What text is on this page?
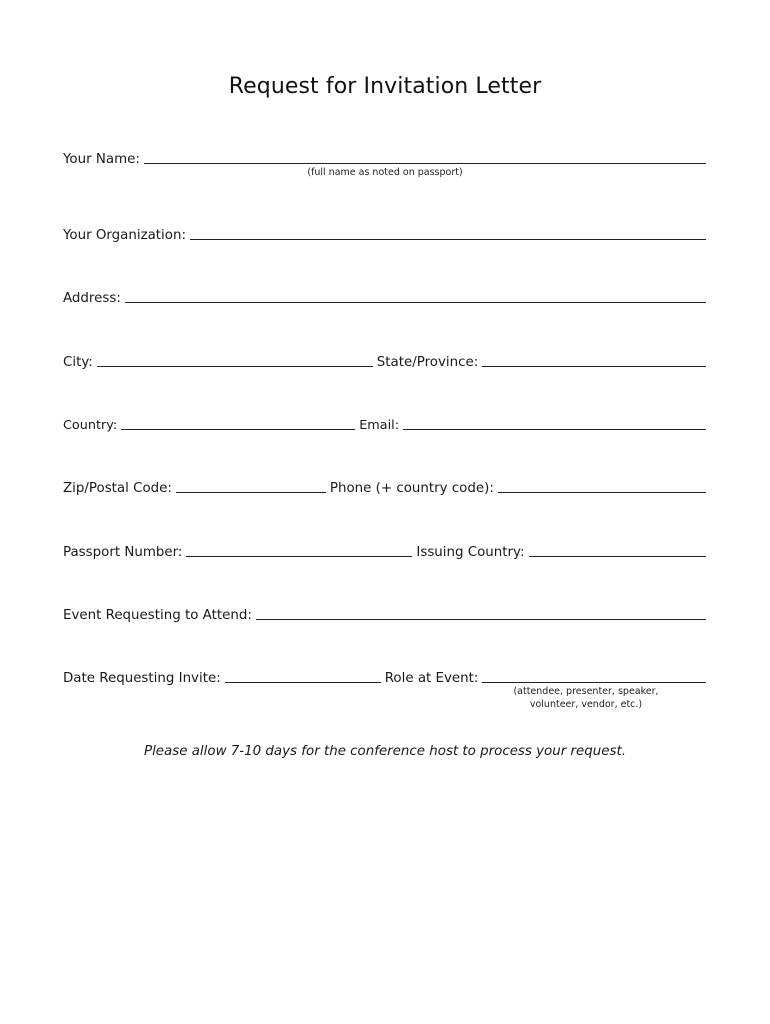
Request for Invitation Letter
Your Name:
(full name as noted on passport)
Your Organization:
Address:
City:	State/Province:
Country:	Email:
Zip/Postal Code:	Phone (+ country code):
Passport Number:	Issuing Country:
Event Requesting to Attend:
Date Requesting Invite:	Role at Event:
(attendee, presenter, speaker,
volunteer, vendor, etc.)
Please allow 7-10 days for the conference host to process your request.
